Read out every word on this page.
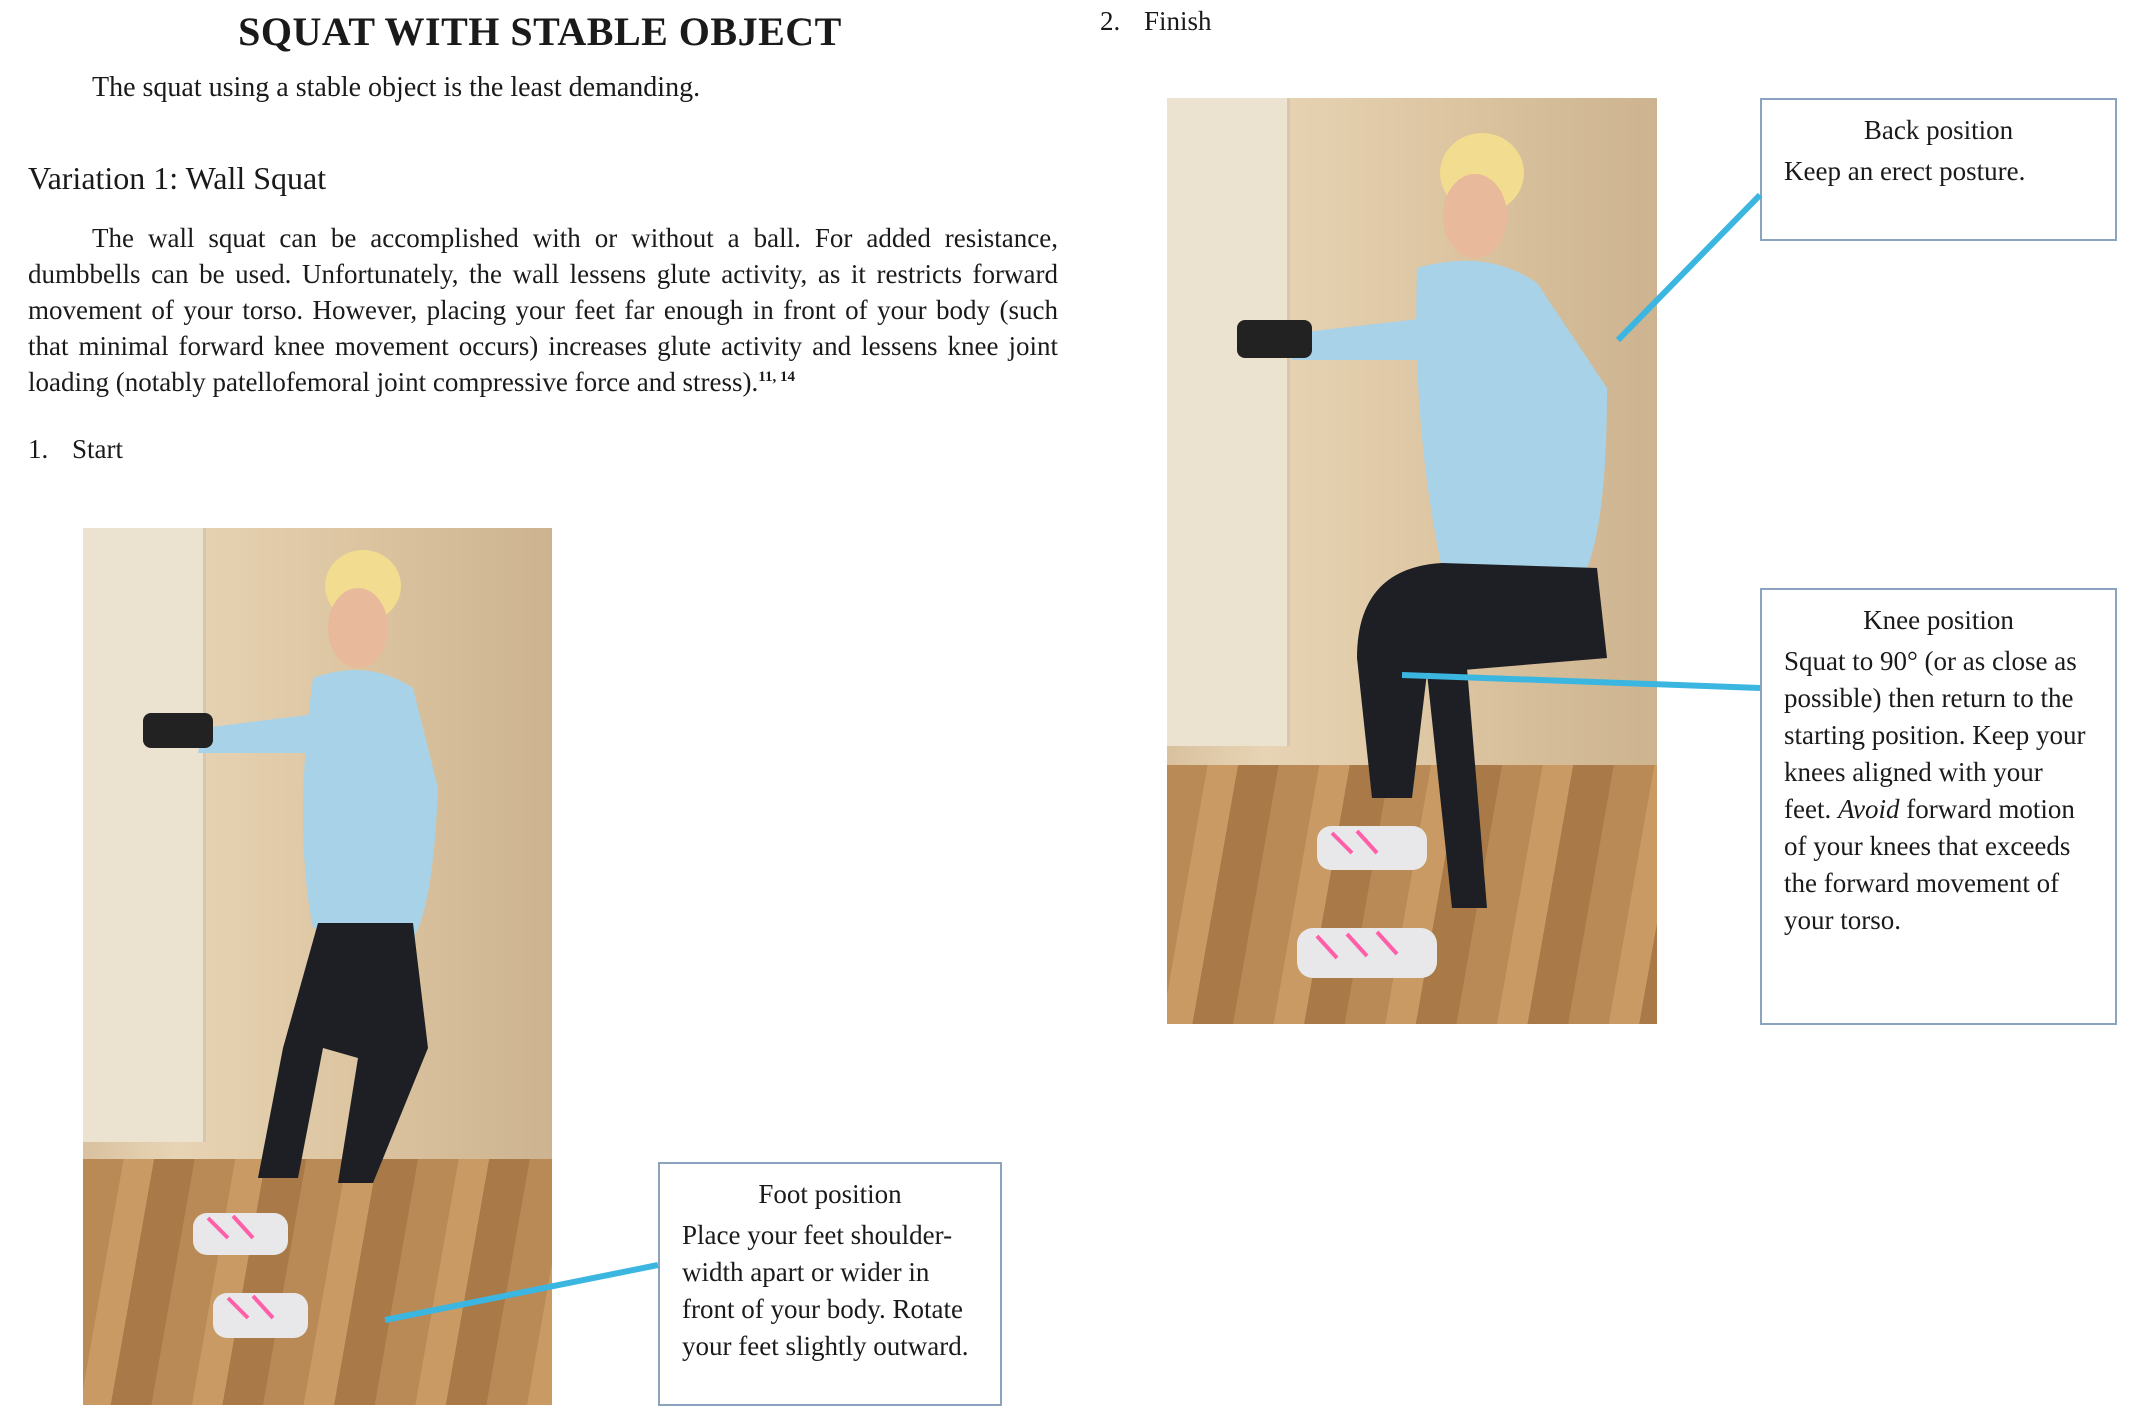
SQUAT WITH STABLE OBJECT
The squat using a stable object is the least demanding.
Variation 1: Wall Squat
The wall squat can be accomplished with or without a ball. For added resistance, dumbbells can be used. Unfortunately, the wall lessens glute activity, as it restricts forward movement of your torso. However, placing your feet far enough in front of your body (such that minimal forward knee movement occurs) increases glute activity and lessens knee joint loading (notably patellofemoral joint compressive force and stress).$^{11, 14}$
1. Start
2. Finish
Foot position
Place your feet shoulder-width apart or wider in front of your body. Rotate your feet slightly outward.
Back position
Keep an erect posture.
Knee position
Squat to 90° (or as close as possible) then return to the starting position. Keep your knees aligned with your feet. Avoid forward motion of your knees that exceeds the forward movement of your torso.
